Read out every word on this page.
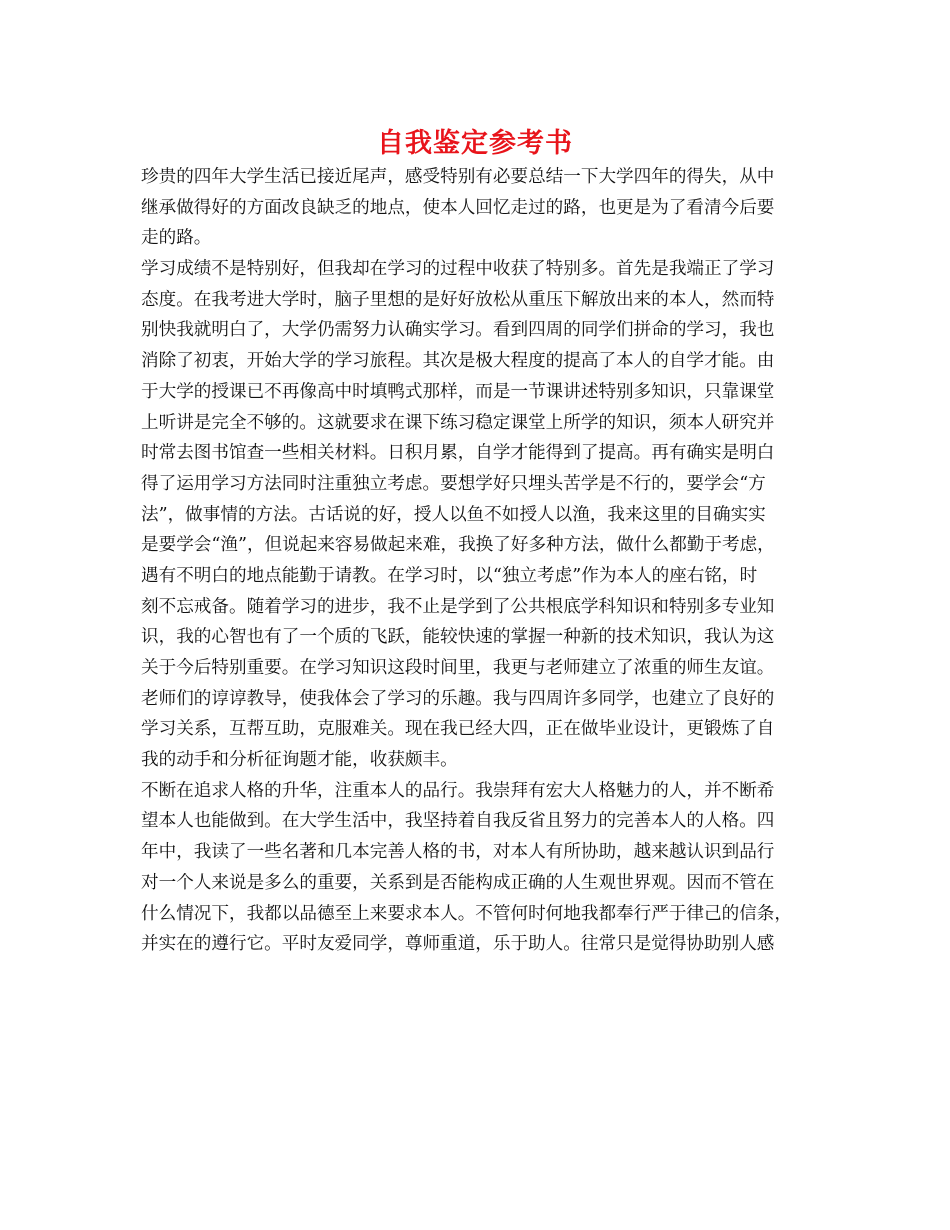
自我鉴定参考书
珍贵的四年大学生活已接近尾声，感受特别有必要总结一下大学四年的得失，从中
继承做得好的方面改良缺乏的地点，使本人回忆走过的路，也更是为了看清今后要
走的路。
学习成绩不是特别好，但我却在学习的过程中收获了特别多。首先是我端正了学习
态度。在我考进大学时，脑子里想的是好好放松从重压下解放出来的本人，然而特
别快我就明白了，大学仍需努力认确实学习。看到四周的同学们拼命的学习，我也
消除了初衷，开始大学的学习旅程。其次是极大程度的提高了本人的自学才能。由
于大学的授课已不再像高中时填鸭式那样，而是一节课讲述特别多知识，只靠课堂
上听讲是完全不够的。这就要求在课下练习稳定课堂上所学的知识，须本人研究并
时常去图书馆查一些相关材料。日积月累，自学才能得到了提高。再有确实是明白
得了运用学习方法同时注重独立考虑。要想学好只埋头苦学是不行的，要学会“方
法”，做事情的方法。古话说的好，授人以鱼不如授人以渔，我来这里的目确实实
是要学会“渔”，但说起来容易做起来难，我换了好多种方法，做什么都勤于考虑，
遇有不明白的地点能勤于请教。在学习时，以“独立考虑”作为本人的座右铭，时
刻不忘戒备。随着学习的进步，我不止是学到了公共根底学科知识和特别多专业知
识，我的心智也有了一个质的飞跃，能较快速的掌握一种新的技术知识，我认为这
关于今后特别重要。在学习知识这段时间里，我更与老师建立了浓重的师生友谊。
老师们的谆谆教导，使我体会了学习的乐趣。我与四周许多同学，也建立了良好的
学习关系，互帮互助，克服难关。现在我已经大四，正在做毕业设计，更锻炼了自
我的动手和分析征询题才能，收获颇丰。
不断在追求人格的升华，注重本人的品行。我崇拜有宏大人格魅力的人，并不断希
望本人也能做到。在大学生活中，我坚持着自我反省且努力的完善本人的人格。四
年中，我读了一些名著和几本完善人格的书，对本人有所协助，越来越认识到品行
对一个人来说是多么的重要，关系到是否能构成正确的人生观世界观。因而不管在
什么情况下，我都以品德至上来要求本人。不管何时何地我都奉行严于律己的信条，
并实在的遵行它。平时友爱同学，尊师重道，乐于助人。往常只是觉得协助别人感
